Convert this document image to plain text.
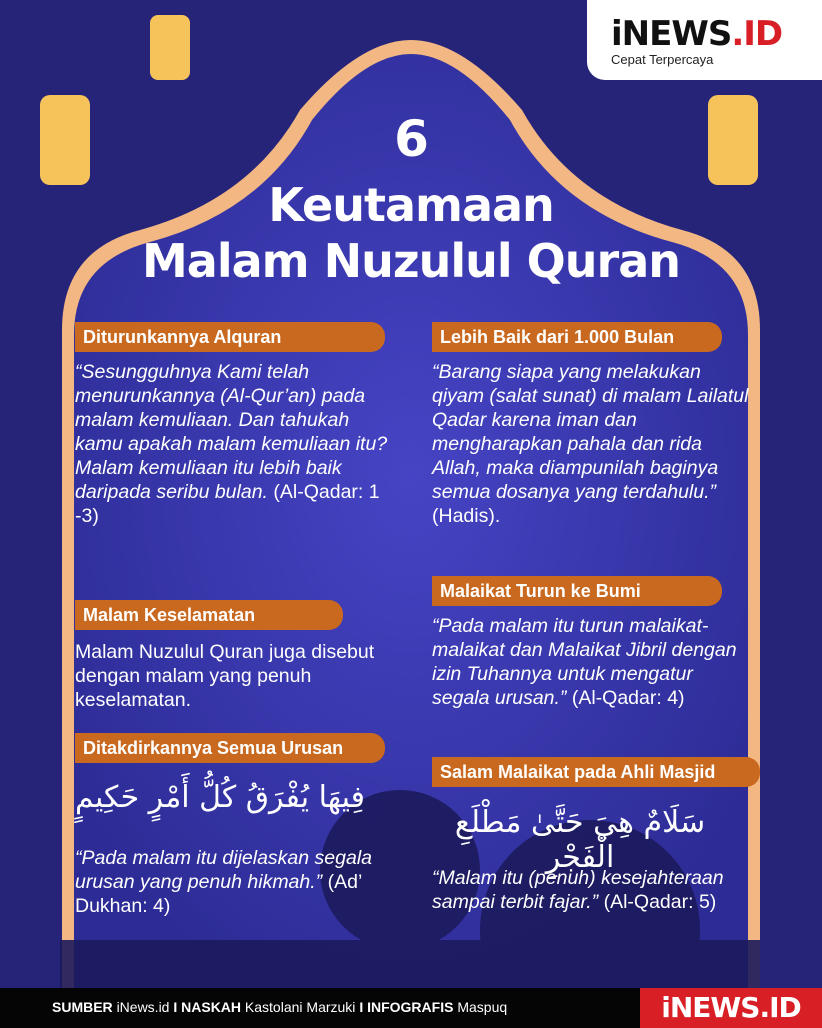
iNEWS.ID
Cepat Terpercaya
6
Keutamaan
Malam Nuzulul Quran
Diturunkannya Alquran
“Sesungguhnya Kami telah menurunkannya (Al-Qur’an) pada malam kemuliaan. Dan tahukah kamu apakah malam kemuliaan itu? Malam kemuliaan itu lebih baik daripada seribu bulan. (Al-Qadar: 1 -3)
Malam Keselamatan
Malam Nuzulul Quran juga disebut dengan malam yang penuh keselamatan.
Ditakdirkannya Semua Urusan
فِيهَا يُفْرَقُ كُلُّ أَمْرٍ حَكِيمٍ
“Pada malam itu dijelaskan segala urusan yang penuh hikmah.” (Ad’ Dukhan: 4)
Lebih Baik dari 1.000 Bulan
“Barang siapa yang melakukan qiyam (salat sunat) di malam Lailatul Qadar karena iman dan mengharapkan pahala dan rida Allah, maka diampunilah baginya semua dosanya yang terdahulu.” (Hadis).
Malaikat Turun ke Bumi
“Pada malam itu turun malaikat-malaikat dan Malaikat Jibril dengan izin Tuhannya untuk mengatur segala urusan.” (Al-Qadar: 4)
Salam Malaikat pada Ahli Masjid
سَلَامٌ هِيَ حَتَّىٰ مَطْلَعِ الْفَجْرِ
“Malam itu (penuh) kesejahteraan sampai terbit fajar.” (Al-Qadar: 5)
SUMBER iNews.id I NASKAH Kastolani Marzuki I INFOGRAFIS Maspuq	iNEWS.ID
